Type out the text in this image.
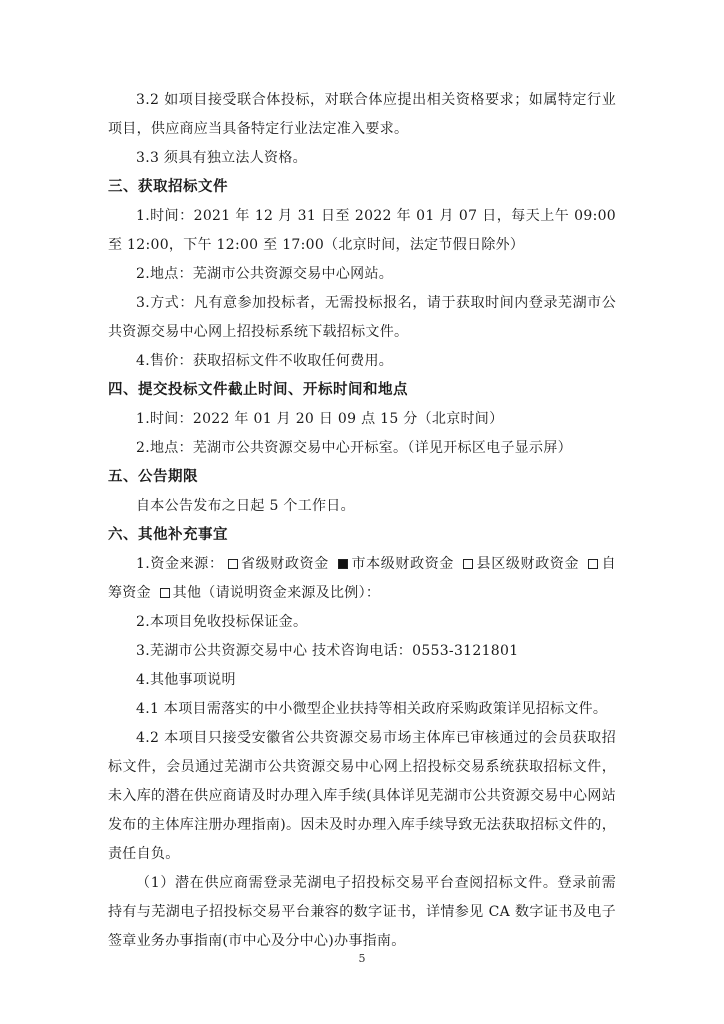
3.2 如项目接受联合体投标，对联合体应提出相关资格要求；如属特定行业项目，供应商应当具备特定行业法定准入要求。

3.3 须具有独立法人资格。

三、获取招标文件

1.时间：2021 年 12 月 31 日至 2022 年 01 月 07 日，每天上午 09:00 至 12:00，下午 12:00 至 17:00（北京时间，法定节假日除外）

2.地点：芜湖市公共资源交易中心网站。

3.方式：凡有意参加投标者，无需投标报名，请于获取时间内登录芜湖市公共资源交易中心网上招投标系统下载招标文件。

4.售价：获取招标文件不收取任何费用。

四、提交投标文件截止时间、开标时间和地点

1.时间：2022 年 01 月 20 日 09 点 15 分（北京时间）

2.地点：芜湖市公共资源交易中心开标室。（详见开标区电子显示屏）

五、公告期限

自本公告发布之日起 5 个工作日。

六、其他补充事宜

1.资金来源： 省级财政资金 市本级财政资金 县区级财政资金 自筹资金 其他（请说明资金来源及比例）：

2.本项目免收投标保证金。

3.芜湖市公共资源交易中心 技术咨询电话：0553-3121801

4.其他事项说明

4.1 本项目需落实的中小微型企业扶持等相关政府采购政策详见招标文件。

4.2 本项目只接受安徽省公共资源交易市场主体库已审核通过的会员获取招标文件，会员通过芜湖市公共资源交易中心网上招投标交易系统获取招标文件，未入库的潜在供应商请及时办理入库手续(具体详见芜湖市公共资源交易中心网站发布的主体库注册办理指南)。因未及时办理入库手续导致无法获取招标文件的，责任自负。

（1）潜在供应商需登录芜湖电子招投标交易平台查阅招标文件。登录前需持有与芜湖电子招投标交易平台兼容的数字证书，详情参见 CA 数字证书及电子签章业务办事指南(市中心及分中心)办事指南。

5
